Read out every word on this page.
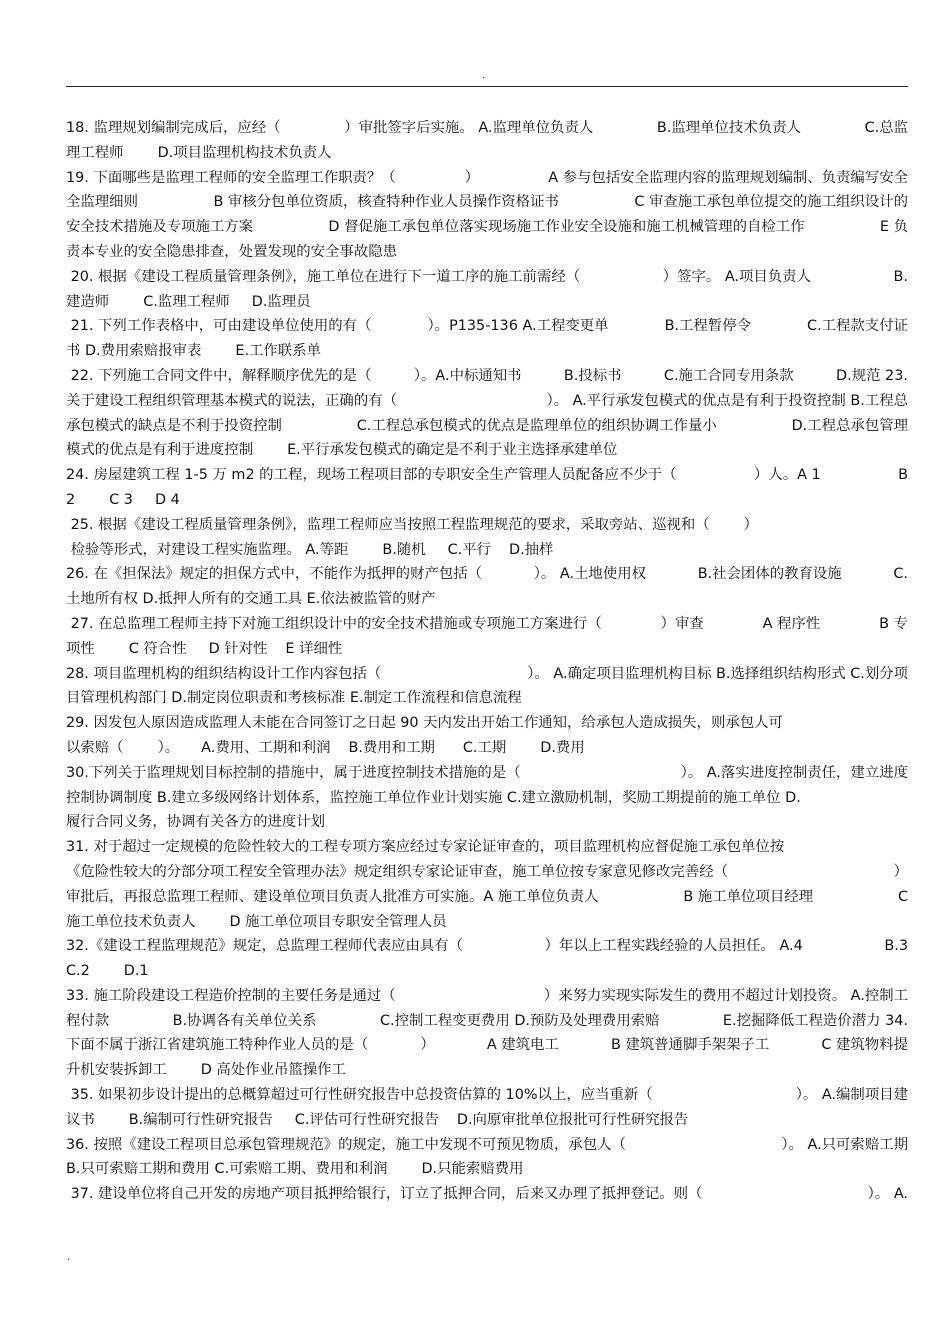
.
18. 监理规划编制完成后，应经（	）审批签字后实施。 A.监理单位负责人	B.监理单位技术负责人	C.总监
理工程师 D.项目监理机构技术负责人
19. 下面哪些是监理工程师的安全监理工作职责？（	）	A 参与包括安全监理内容的监理规划编制、负责编写安全
全监理细则	B 审核分包单位资质，核查特种作业人员操作资格证书	C 审查施工承包单位提交的施工组织设计的
安全技术措施及专项施工方案	D 督促施工承包单位落实现场施工作业安全设施和施工机械管理的自检工作	E 负
责本专业的安全隐患排查，处置发现的安全事故隐患
20. 根据《建设工程质量管理条例》，施工单位在进行下一道工序的施工前需经（	）签字。 A.项目负责人	B.
建造师 C.监理工程师 D.监理员
21. 下列工作表格中，可由建设单位使用的有（	）。P135-136 A.工程变更单	B.工程暂停令	C.工程款支付证
书 D.费用索赔报审表 E.工作联系单
22. 下列施工合同文件中，解释顺序优先的是（	）。A.中标通知书	B.投标书	C.施工合同专用条款	D.规范 23.
关于建设工程组织管理基本模式的说法，正确的有（	）。 A.平行承发包模式的优点是有利于投资控制 B.工程总
承包模式的缺点是不利于投资控制	C.工程总承包模式的优点是监理单位的组织协调工作量小	D.工程总承包管理
模式的优点是有利于进度控制 E.平行承发包模式的确定是不利于业主选择承建单位
24. 房屋建筑工程 1-5 万 m2 的工程，现场工程项目部的专职安全生产管理人员配备应不少于（	）人。A 1	B
2 C 3 D 4
25. 根据《建设工程质量管理条例》，监理工程师应当按照工程监理规范的要求，采取旁站、巡视和（ ）
检验等形式，对建设工程实施监理。 A.等距 B.随机 C.平行 D.抽样
26. 在《担保法》规定的担保方式中，不能作为抵押的财产包括（	）。 A.土地使用权	B.社会团体的教育设施	C.
土地所有权 D.抵押人所有的交通工具 E.依法被监管的财产
27. 在总监理工程师主持下对施工组织设计中的安全技术措施或专项施工方案进行（	）审查	A 程序性	B 专
项性 C 符合性 D 针对性 E 详细性
28. 项目监理机构的组织结构设计工作内容包括（	）。 A.确定项目监理机构目标 B.选择组织结构形式 C.划分项
目管理机构部门 D.制定岗位职责和考核标准 E.制定工作流程和信息流程
29. 因发包人原因造成监理人未能在合同签订之日起 90 天内发出开始工作通知，给承包人造成损失，则承包人可
以索赔（ ）。 A.费用、工期和利润 B.费用和工期 C.工期 D.费用
30.下列关于监理规划目标控制的措施中，属于进度控制技术措施的是（	）。 A.落实进度控制责任，建立进度
控制协调制度 B.建立多级网络计划体系，监控施工单位作业计划实施 C.建立激励机制，奖励工期提前的施工单位 D.
履行合同义务，协调有关各方的进度计划
31. 对于超过一定规模的危险性较大的工程专项方案应经过专家论证审查的，项目监理机构应督促施工承包单位按
《危险性较大的分部分项工程安全管理办法》规定组织专家论证审查，施工单位按专家意见修改完善经（	）
审批后，再报总监理工程师、建设单位项目负责人批准方可实施。A 施工单位负责人	B 施工单位项目经理	C
施工单位技术负责人 D 施工单位项目专职安全管理人员
32.《建设工程监理规范》规定，总监理工程师代表应由具有（	）年以上工程实践经验的人员担任。 A.4	B.3
C.2 D.1
33. 施工阶段建设工程造价控制的主要任务是通过（	）来努力实现实际发生的费用不超过计划投资。 A.控制工
程付款	B.协调各有关单位关系	C.控制工程变更费用 D.预防及处理费用索赔	E.挖掘降低工程造价潜力 34.
下面不属于浙江省建筑施工特种作业人员的是（	）	A 建筑电工	B 建筑普通脚手架架子工	C 建筑物料提
升机安装拆卸工 D 高处作业吊篮操作工
35. 如果初步设计提出的总概算超过可行性研究报告中总投资估算的 10%以上，应当重新（	）。 A.编制项目建
议书 B.编制可行性研究报告 C.评估可行性研究报告 D.向原审批单位报批可行性研究报告
36. 按照《建设工程项目总承包管理规范》的规定，施工中发现不可预见物质，承包人（	）。 A.只可索赔工期
B.只可索赔工期和费用 C.可索赔工期、费用和利润 D.只能索赔费用
37. 建设单位将自己开发的房地产项目抵押给银行，订立了抵押合同，后来又办理了抵押登记。则（	）。 A.
.
